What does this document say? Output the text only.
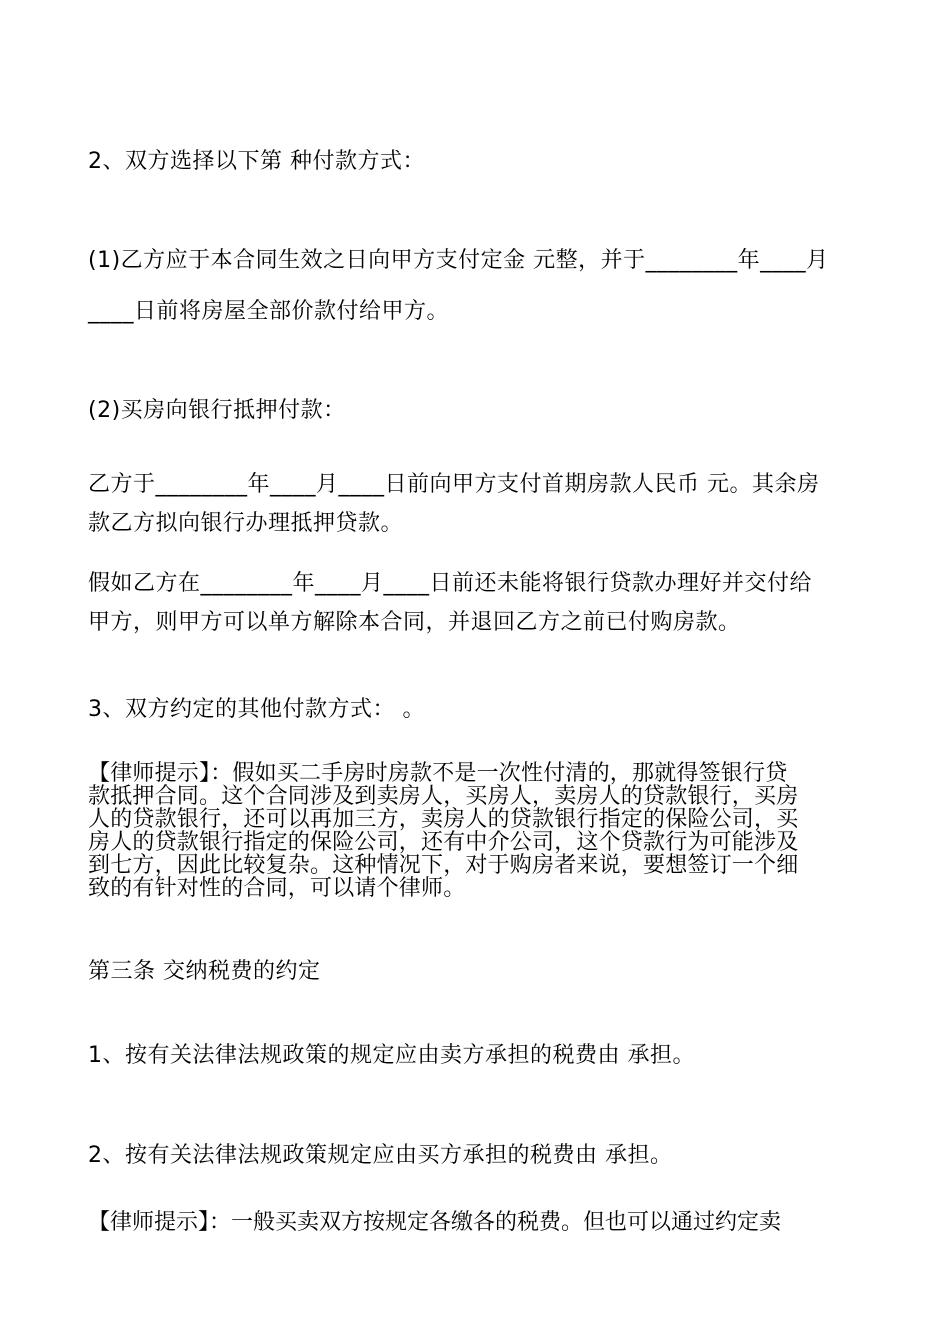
2、双方选择以下第 种付款方式：
(1)乙方应于本合同生效之日向甲方支付定金 元整，并于________年____月
____日前将房屋全部价款付给甲方。
(2)买房向银行抵押付款：
乙方于________年____月____日前向甲方支付首期房款人民币 元。其余房
款乙方拟向银行办理抵押贷款。
假如乙方在________年____月____日前还未能将银行贷款办理好并交付给
甲方，则甲方可以单方解除本合同，并退回乙方之前已付购房款。
3、双方约定的其他付款方式： 。
【律师提示】：假如买二手房时房款不是一次性付清的，那就得签银行贷
款抵押合同。这个合同涉及到卖房人，买房人，卖房人的贷款银行，买房
人的贷款银行，还可以再加三方，卖房人的贷款银行指定的保险公司，买
房人的贷款银行指定的保险公司，还有中介公司，这个贷款行为可能涉及
到七方，因此比较复杂。这种情况下，对于购房者来说，要想签订一个细
致的有针对性的合同，可以请个律师。
第三条 交纳税费的约定
1、按有关法律法规政策的规定应由卖方承担的税费由 承担。
2、按有关法律法规政策规定应由买方承担的税费由 承担。
【律师提示】：一般买卖双方按规定各缴各的税费。但也可以通过约定卖
